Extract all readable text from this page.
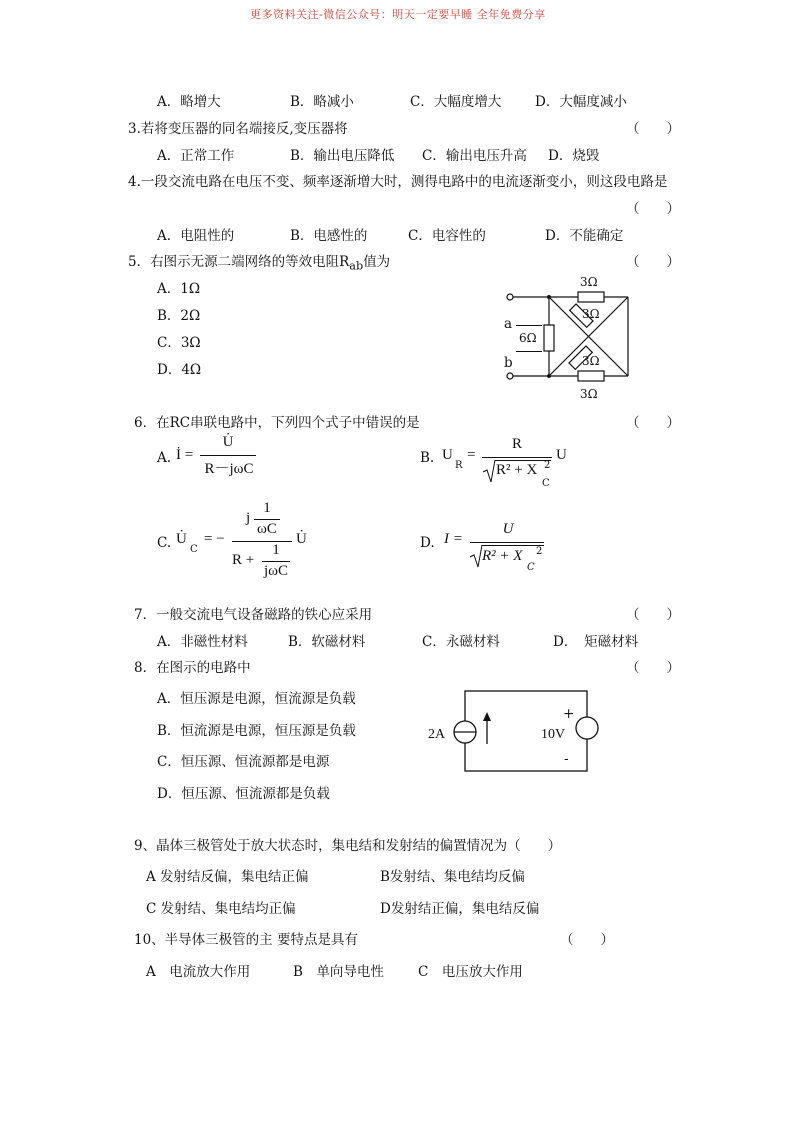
更多资料关注-微信公众号：明天一定要早睡 全年免费分享
A．略增大	B．略减小	C．大幅度增大 D．大幅度减小
3.若将变压器的同名端接反,变压器将	（　　）
A．正常工作	B．输出电压降低 C．输出电压升高 D．烧毁
4.一段交流电路在电压不变、频率逐渐增大时，测得电路中的电流逐渐变小，则这段电路是
（　　）
A．电阻性的	B．电感性的	C．电容性的	D．不能确定
5．右图示无源二端网络的等效电阻$R_{ab}$值为	（　　）
A．1Ω
B．2Ω
C．3Ω
D．4Ω
3Ω
3Ω
3Ω
3Ω
6Ω
a
b
6．在RC串联电路中，下列四个式子中错误的是	（　　）
A. İ =
U̇
R－jωC
B. U
R
=
R
R² + X 2
C
U
C. U̇
C
= −
j
1
ωC
R +
1
jωC
U̇	D. I =
U
R² + X 2
C
7．一般交流电气设备磁路的铁心应采用	（　　）
A．非磁性材料	B．软磁材料	C．永磁材料	D．　矩磁材料
8．在图示的电路中	（　　）
A．恒压源是电源，恒流源是负载
B．恒流源是电源，恒压源是负载
C．恒压源、恒流源都是电源
D．恒压源、恒流源都是负载
2A	10V
+
-
9、晶体三极管处于放大状态时，集电结和发射结的偏置情况为（　　）
A 发射结反偏，集电结正偏	B发射结、集电结均反偏
C 发射结、集电结均正偏	D发射结正偏，集电结反偏
10、半导体三极管的主 要特点是具有	（　　）
A　电流放大作用	B　单向导电性	C　电压放大作用
